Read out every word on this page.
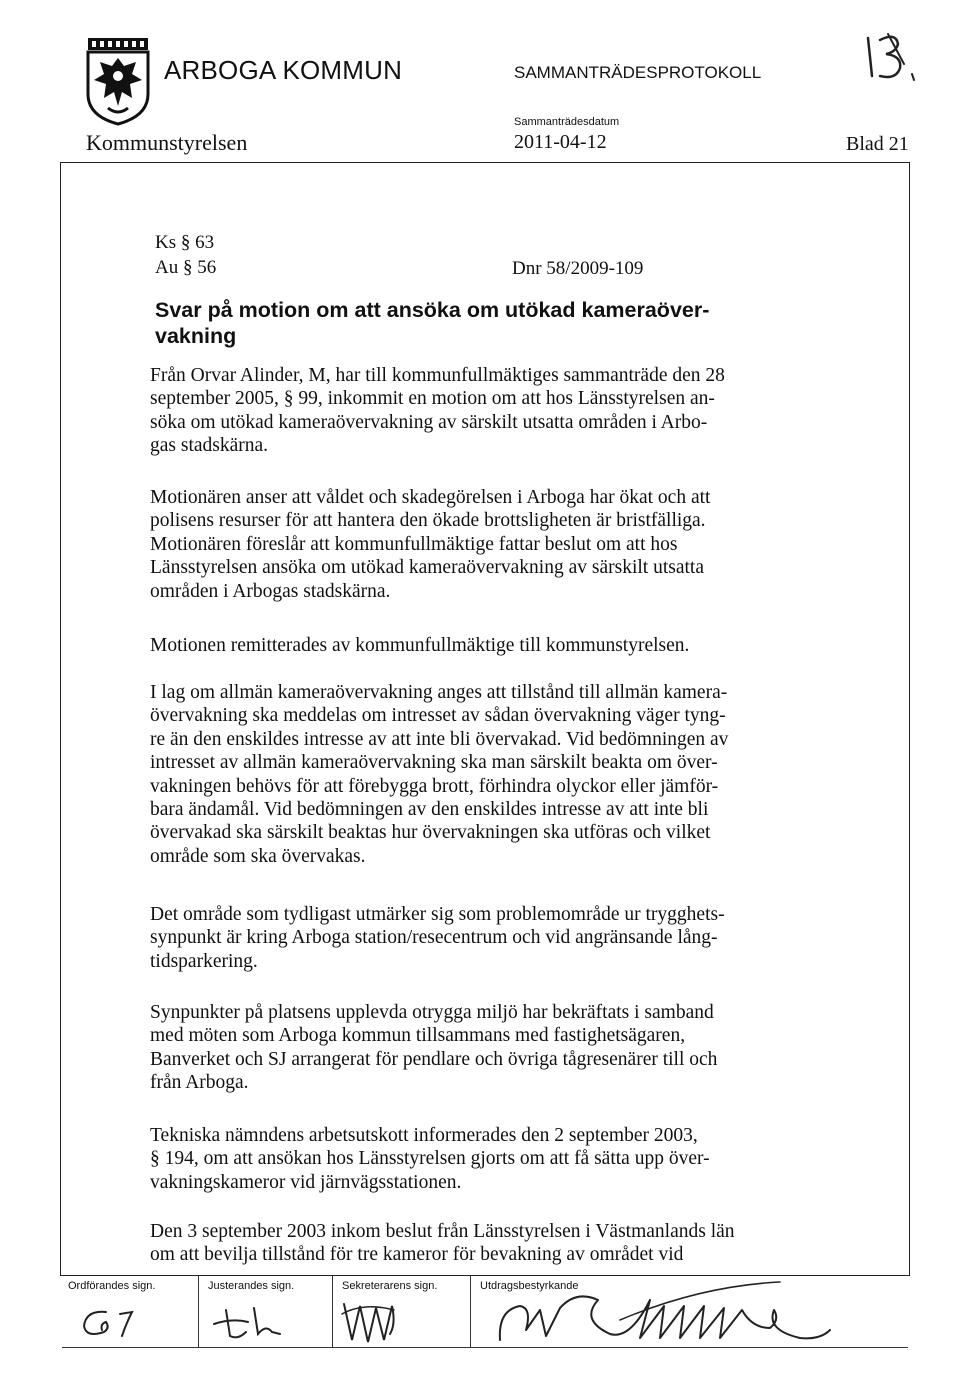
ARBOGA KOMMUN	SAMMANTRÄDESPROTOKOLL
Kommunstyrelsen
Sammanträdesdatum
2011-04-12	Blad 21
Ks § 63
Au § 56	Dnr 58/2009-109
Svar på motion om att ansöka om utökad kameraöver-
vakning
Från Orvar Alinder, M, har till kommunfullmäktiges sammanträde den 28
september 2005, § 99, inkommit en motion om att hos Länsstyrelsen an-
söka om utökad kameraövervakning av särskilt utsatta områden i Arbo-
gas stadskärna.
Motionären anser att våldet och skadegörelsen i Arboga har ökat och att
polisens resurser för att hantera den ökade brottsligheten är bristfälliga.
Motionären föreslår att kommunfullmäktige fattar beslut om att hos
Länsstyrelsen ansöka om utökad kameraövervakning av särskilt utsatta
områden i Arbogas stadskärna.
Motionen remitterades av kommunfullmäktige till kommunstyrelsen.
I lag om allmän kameraövervakning anges att tillstånd till allmän kamera-
övervakning ska meddelas om intresset av sådan övervakning väger tyng-
re än den enskildes intresse av att inte bli övervakad. Vid bedömningen av
intresset av allmän kameraövervakning ska man särskilt beakta om över-
vakningen behövs för att förebygga brott, förhindra olyckor eller jämför-
bara ändamål. Vid bedömningen av den enskildes intresse av att inte bli
övervakad ska särskilt beaktas hur övervakningen ska utföras och vilket
område som ska övervakas.
Det område som tydligast utmärker sig som problemområde ur trygghets-
synpunkt är kring Arboga station/resecentrum och vid angränsande lång-
tidsparkering.
Synpunkter på platsens upplevda otrygga miljö har bekräftats i samband
med möten som Arboga kommun tillsammans med fastighetsägaren,
Banverket och SJ arrangerat för pendlare och övriga tågresenärer till och
från Arboga.
Tekniska nämndens arbetsutskott informerades den 2 september 2003,
§ 194, om att ansökan hos Länsstyrelsen gjorts om att få sätta upp över-
vakningskameror vid järnvägsstationen.
Den 3 september 2003 inkom beslut från Länsstyrelsen i Västmanlands län
om att bevilja tillstånd för tre kameror för bevakning av området vid
Ordförandes sign.	Justerandes sign.	Sekreterarens sign.	Utdragsbestyrkande
